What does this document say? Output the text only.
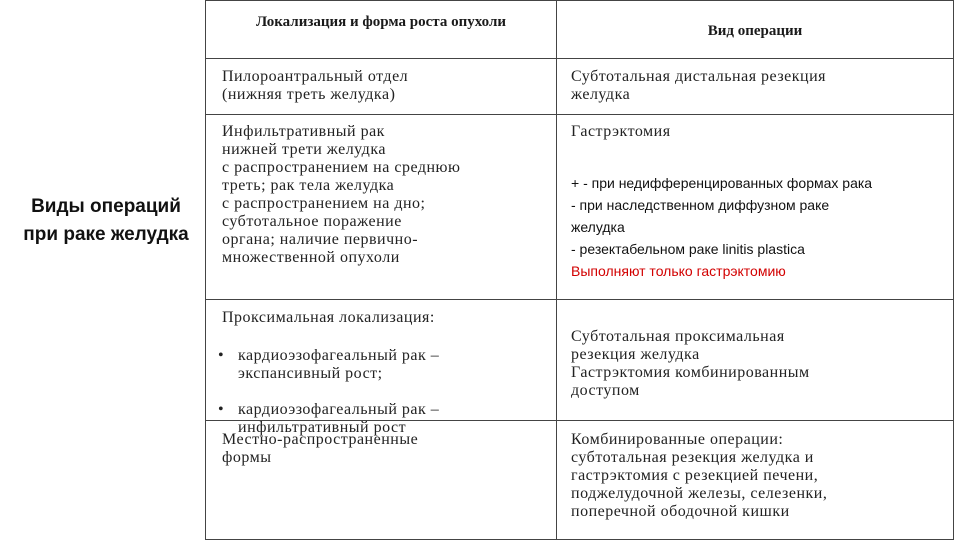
Виды операций при раке желудка
Локализация и форма роста опухоли
Вид операции
Пилороантральный отдел
(нижняя треть желудка)
Субтотальная дистальная резекция
желудка
Инфильтративный рак
нижней трети желудка
с распространением на среднюю
треть; рак тела желудка
с распространением на дно;
субтотальное поражение
органа; наличие первично-
множественной опухоли
Гастрэктомия
+ - при недифференцированных формах рака
- при наследственном диффузном раке
желудка
- резектабельном раке linitis plastica
Выполняют только гастрэктомию
Проксимальная локализация:

• кардиоэзофагеальный рак –
экспансивный рост;

• кардиоэзофагеальный рак –
инфильтративный рост

Субтотальная проксимальная
резекция желудка
Гастрэктомия комбинированным
доступом
Местно-распространенные
формы
Комбинированные операции:
субтотальная резекция желудка и
гастрэктомия с резекцией печени,
поджелудочной железы, селезенки,
поперечной ободочной кишки
